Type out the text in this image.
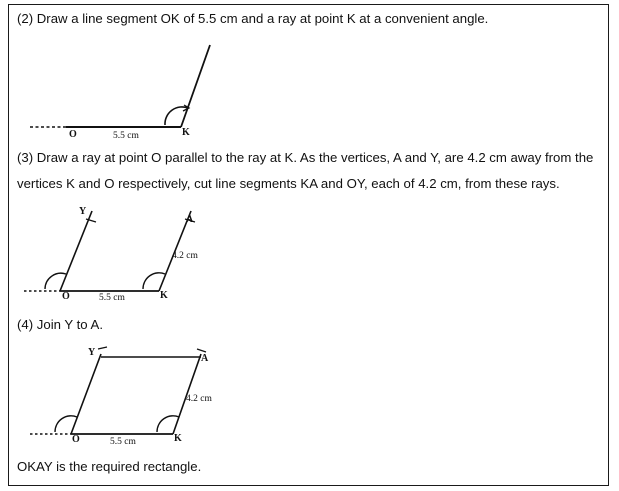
(2) Draw a line segment OK of 5.5 cm and a ray at point K at a convenient angle.
O	K
5.5 cm
(3) Draw a ray at point O parallel to the ray at K. As the vertices, A and Y, are 4.2 cm away from the
vertices K and O respectively, cut line segments KA and OY, each of 4.2 cm, from these rays.
Y
A
O	K
5.5 cm
4.2 cm
(4) Join Y to A.
Y
A
O	K
5.5 cm
4.2 cm
OKAY is the required rectangle.
